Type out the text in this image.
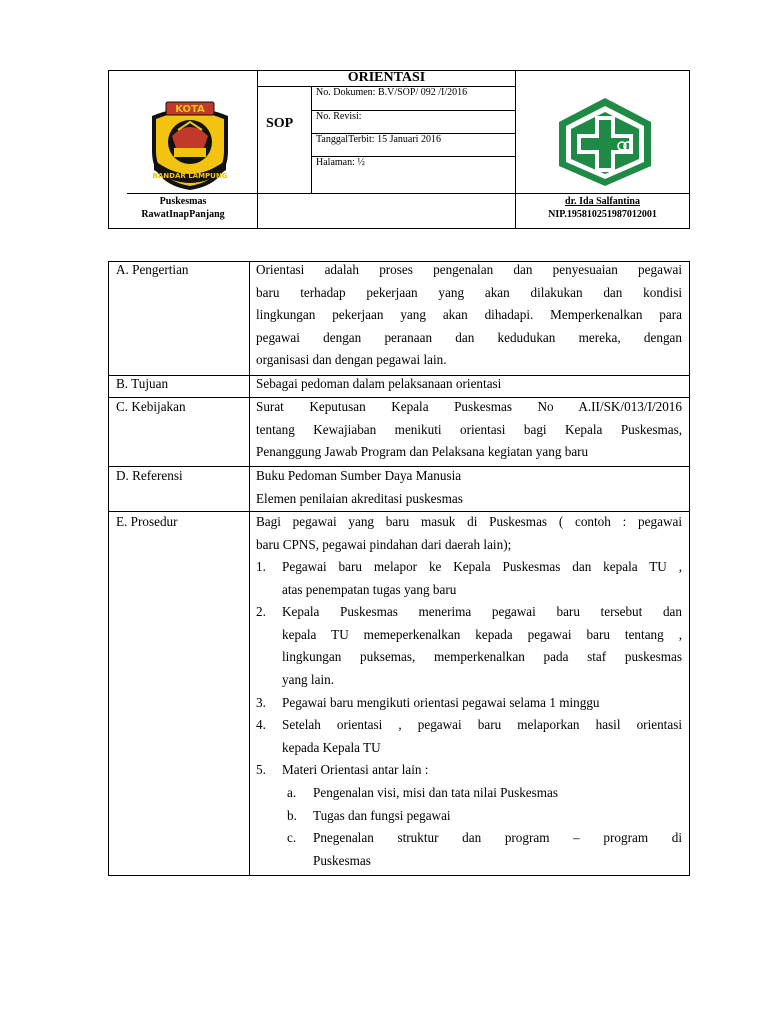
ORIENTASI
SOP
No. Dokumen: B.V/SOP/ 092 /I/2016
No. Revisi:
TanggalTerbit: 15 Januari 2016
Halaman: ½
Puskesmas
RawatInapPanjang
dr. Ida Salfantina
NIP.195810251987012001
KOTA
BANDAR LAMPUNG
A. Pengertian	Orientasi adalah proses pengenalan dan penyesuaian pegawai
baru terhadap pekerjaan yang akan dilakukan dan kondisi
lingkungan pekerjaan yang akan dihadapi. Memperkenalkan para
pegawai dengan peranaan dan kedudukan mereka, dengan
organisasi dan dengan pegawai lain.
B. Tujuan	Sebagai pedoman dalam pelaksanaan orientasi
C. Kebijakan	Surat Keputusan Kepala Puskesmas No A.II/SK/013/I/2016
tentang Kewajiaban menikuti orientasi bagi Kepala Puskesmas,
Penanggung Jawab Program dan Pelaksana kegiatan yang baru
D. Referensi	Buku Pedoman Sumber Daya Manusia
Elemen penilaian akreditasi puskesmas
E. Prosedur	Bagi pegawai yang baru masuk di Puskesmas ( contoh : pegawai
baru CPNS, pegawai pindahan dari daerah lain);
1. Pegawai baru melapor ke Kepala Puskesmas dan kepala TU ,
atas penempatan tugas yang baru
2. Kepala Puskesmas menerima pegawai baru tersebut dan
kepala TU memeperkenalkan kepada pegawai baru tentang ,
lingkungan puksemas, memperkenalkan pada staf puskesmas
yang lain.
3. Pegawai baru mengikuti orientasi pegawai selama 1 minggu
4. Setelah orientasi , pegawai baru melaporkan hasil orientasi
kepada Kepala TU
5. Materi Orientasi antar lain :
a. Pengenalan visi, misi dan tata nilai Puskesmas
b. Tugas dan fungsi pegawai
c. Pnegenalan struktur dan program – program di
Puskesmas
